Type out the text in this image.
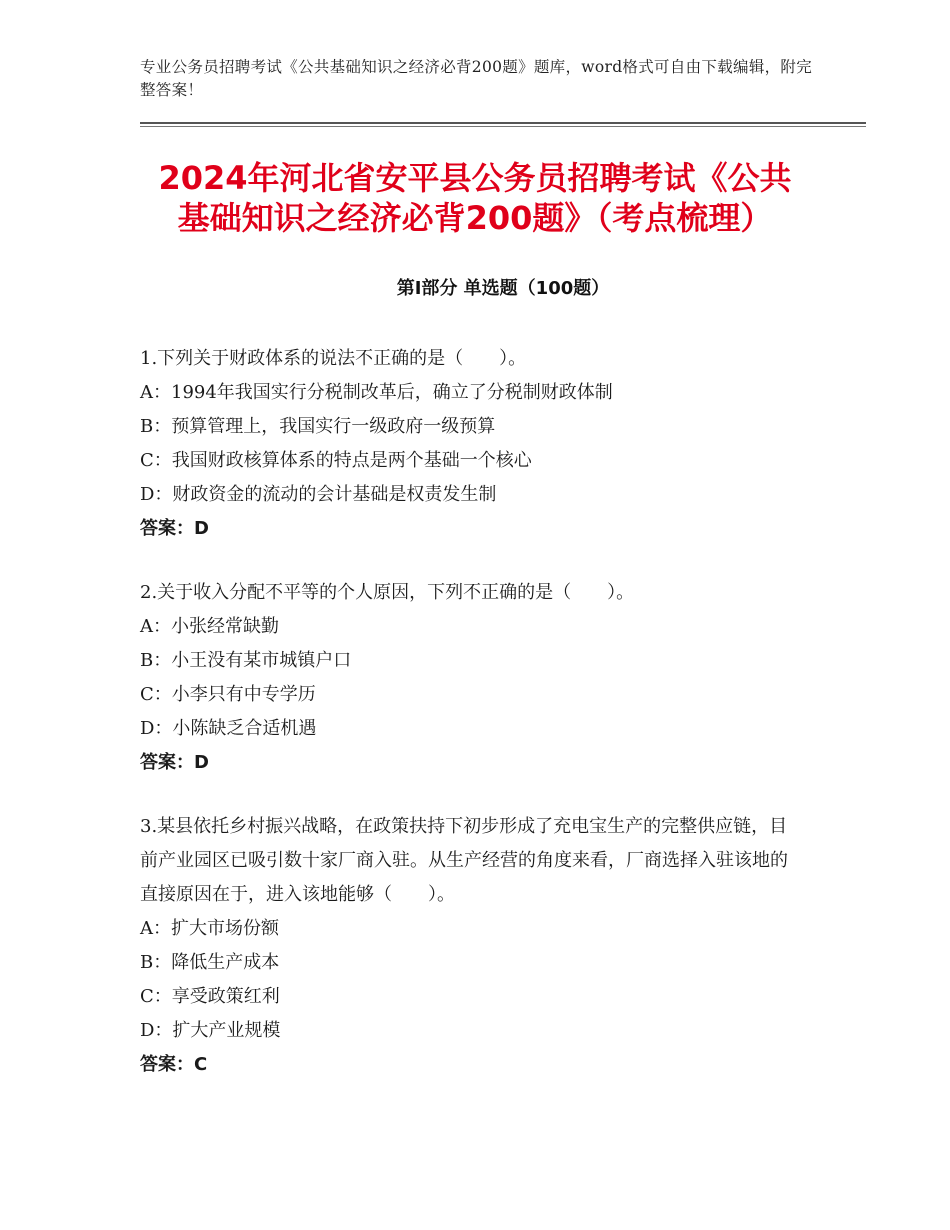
专业公务员招聘考试《公共基础知识之经济必背200题》题库，word格式可自由下载编辑，附完整答案！
2024年河北省安平县公务员招聘考试《公共
基础知识之经济必背200题》（考点梳理）
第Ⅰ部分 单选题（100题）

1.下列关于财政体系的说法不正确的是（　　）。

A：1994年我国实行分税制改革后，确立了分税制财政体制

B：预算管理上，我国实行一级政府一级预算

C：我国财政核算体系的特点是两个基础一个核心

D：财政资金的流动的会计基础是权责发生制

答案：D

2.关于收入分配不平等的个人原因，下列不正确的是（　　）。

A：小张经常缺勤

B：小王没有某市城镇户口

C：小李只有中专学历

D：小陈缺乏合适机遇

答案：D

3.某县依托乡村振兴战略，在政策扶持下初步形成了充电宝生产的完整供应链，目前产业园区已吸引数十家厂商入驻。从生产经营的角度来看，厂商选择入驻该地的直接原因在于，进入该地能够（　　）。

A：扩大市场份额

B：降低生产成本

C：享受政策红利

D：扩大产业规模

答案：C
